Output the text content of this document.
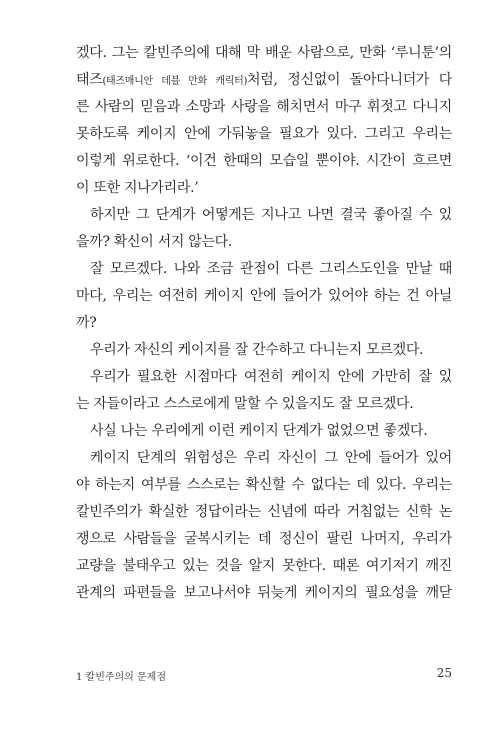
겠다. 그는 칼빈주의에 대해 막 배운 사람으로, 만화 ‘루니툰’의
태즈(태즈매니안 데블 만화 캐릭터)처럼, 정신없이 돌아다니더가 다
른 사람의 믿음과 소망과 사랑을 해치면서 마구 휘젓고 다니지
못하도록 케이지 안에 가둬놓을 필요가 있다. 그리고 우리는
이렇게 위로한다. ‘이건 한때의 모습일 뿐이야. 시간이 흐르면
이 또한 지나가리라.’
하지만 그 단계가 어떻게든 지나고 나면 결국 좋아질 수 있
을까? 확신이 서지 않는다.
잘 모르겠다. 나와 조금 관점이 다른 그리스도인을 만날 때
마다, 우리는 여전히 케이지 안에 들어가 있어야 하는 건 아닐
까?
우리가 자신의 케이지를 잘 간수하고 다니는지 모르겠다.
우리가 필요한 시점마다 여전히 케이지 안에 가만히 잘 있
는 자들이라고 스스로에게 말할 수 있을지도 잘 모르겠다.
사실 나는 우리에게 이런 케이지 단계가 없었으면 좋겠다.
케이지 단계의 위험성은 우리 자신이 그 안에 들어가 있어
야 하는지 여부를 스스로는 확신할 수 없다는 데 있다. 우리는
칼빈주의가 확실한 정답이라는 신념에 따라 거침없는 신학 논
쟁으로 사람들을 굴복시키는 데 정신이 팔린 나머지, 우리가
교량을 불태우고 있는 것을 알지 못한다. 때론 여기저기 깨진
관계의 파편들을 보고나서야 뒤늦게 케이지의 필요성을 깨닫
1 칼빈주의의 문제점	25
